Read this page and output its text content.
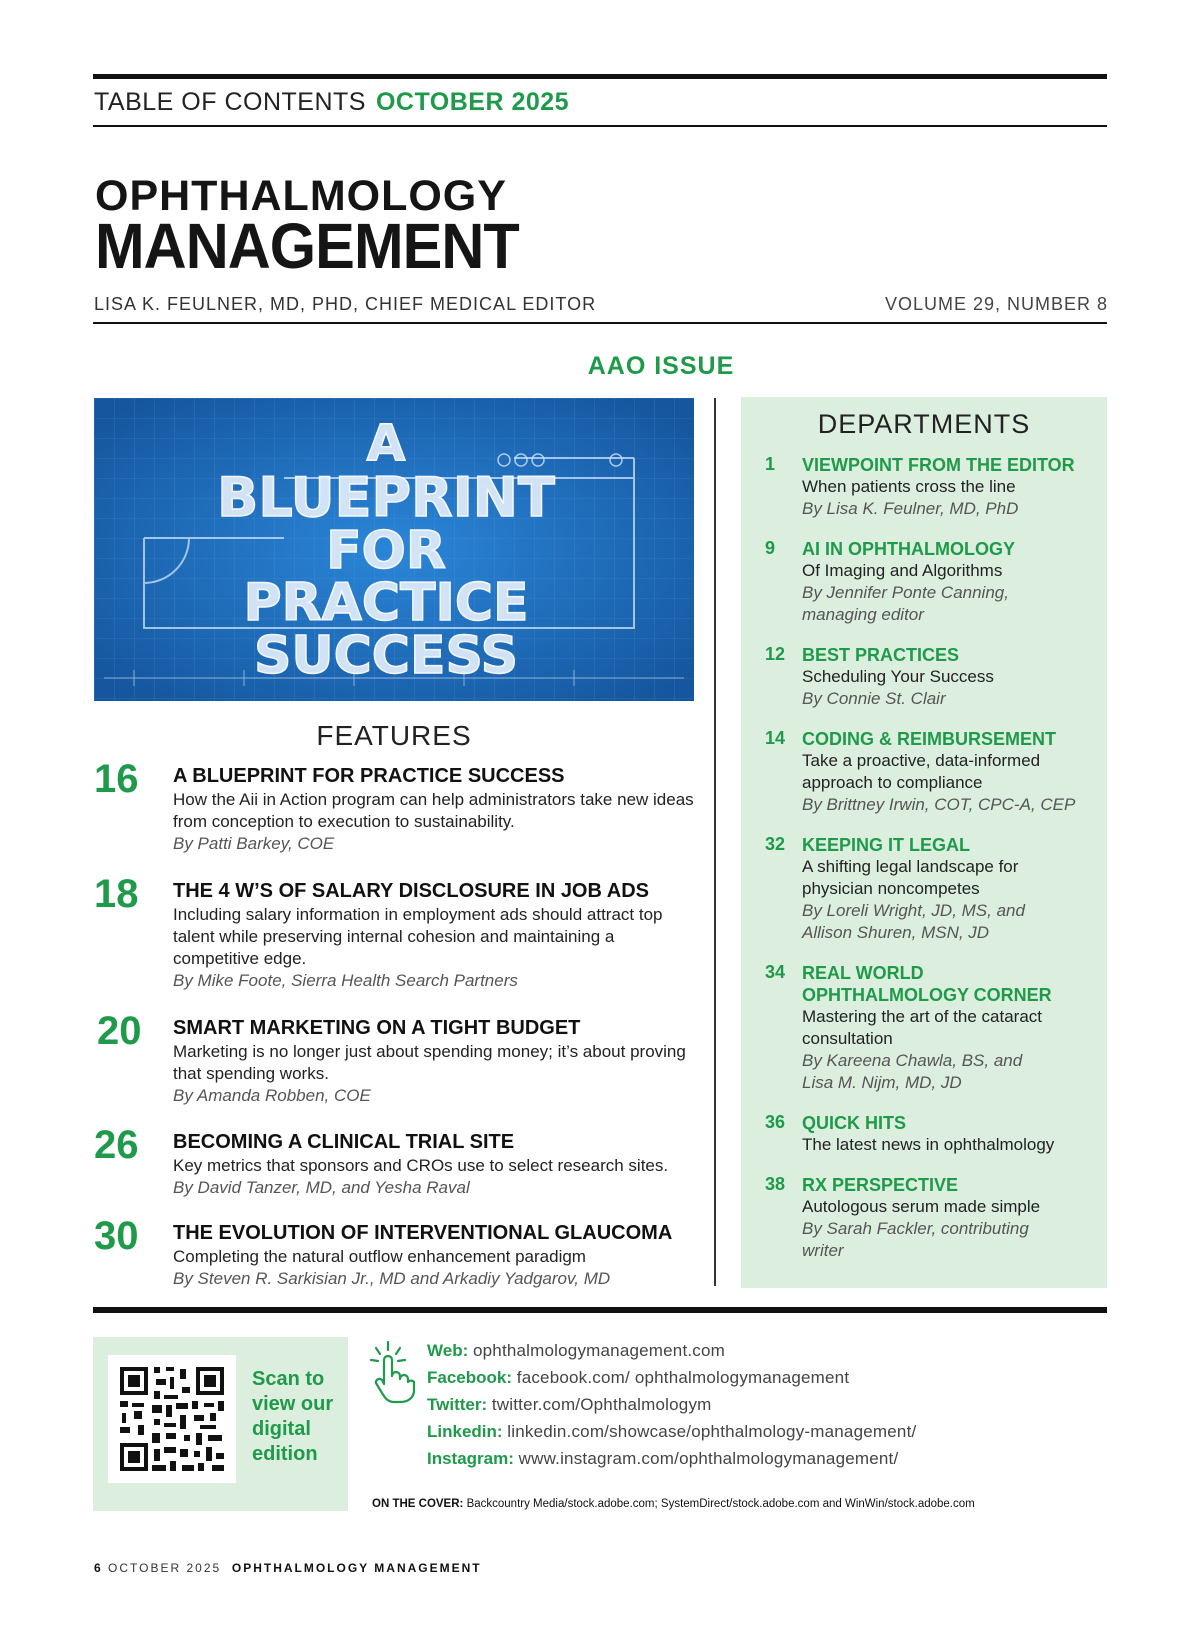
TABLE OF CONTENTS OCTOBER 2025
OPHTHALMOLOGY
MANAGEMENT
LISA K. FEULNER, MD, PHD, CHIEF MEDICAL EDITOR	VOLUME 29, NUMBER 8
AAO ISSUE
A
BLUEPRINT
FOR
PRACTICE
SUCCESS
FEATURES
16	A BLUEPRINT FOR PRACTICE SUCCESS
How the Aii in Action program can help administrators take new ideas from conception to execution to sustainability.
By Patti Barkey, COE
18	THE 4 W’S OF SALARY DISCLOSURE IN JOB ADS
Including salary information in employment ads should attract top talent while preserving internal cohesion and maintaining a competitive edge.
By Mike Foote, Sierra Health Search Partners
20	SMART MARKETING ON A TIGHT BUDGET
Marketing is no longer just about spending money; it’s about proving that spending works.
By Amanda Robben, COE
26	BECOMING A CLINICAL TRIAL SITE
Key metrics that sponsors and CROs use to select research sites.
By David Tanzer, MD, and Yesha Raval
30	THE EVOLUTION OF INTERVENTIONAL GLAUCOMA
Completing the natural outflow enhancement paradigm
By Steven R. Sarkisian Jr., MD and Arkadiy Yadgarov, MD
DEPARTMENTS
1 VIEWPOINT FROM THE EDITOR
When patients cross the line
By Lisa K. Feulner, MD, PhD
9 AI IN OPHTHALMOLOGY
Of Imaging and Algorithms
By Jennifer Ponte Canning, managing editor
12 BEST PRACTICES
Scheduling Your Success
By Connie St. Clair
14 CODING & REIMBURSEMENT
Take a proactive, data-informed approach to compliance
By Brittney Irwin, COT, CPC-A, CEP
32 KEEPING IT LEGAL
A shifting legal landscape for physician noncompetes
By Loreli Wright, JD, MS, and Allison Shuren, MSN, JD
34 REAL WORLD OPHTHALMOLOGY CORNER
Mastering the art of the cataract consultation
By Kareena Chawla, BS, and Lisa M. Nijm, MD, JD
36 QUICK HITS
The latest news in ophthalmology
38 RX PERSPECTIVE
Autologous serum made simple
By Sarah Fackler, contributing writer
Scan to view our digital edition
Web: ophthalmologymanagement.com
Facebook: facebook.com/ ophthalmologymanagement
Twitter: twitter.com/Ophthalmologym
Linkedin: linkedin.com/showcase/ophthalmology-management/
Instagram: www.instagram.com/ophthalmologymanagement/
ON THE COVER: Backcountry Media/stock.adobe.com; SystemDirect/stock.adobe.com and WinWin/stock.adobe.com
6 OCTOBER 2025 OPHTHALMOLOGY MANAGEMENT
